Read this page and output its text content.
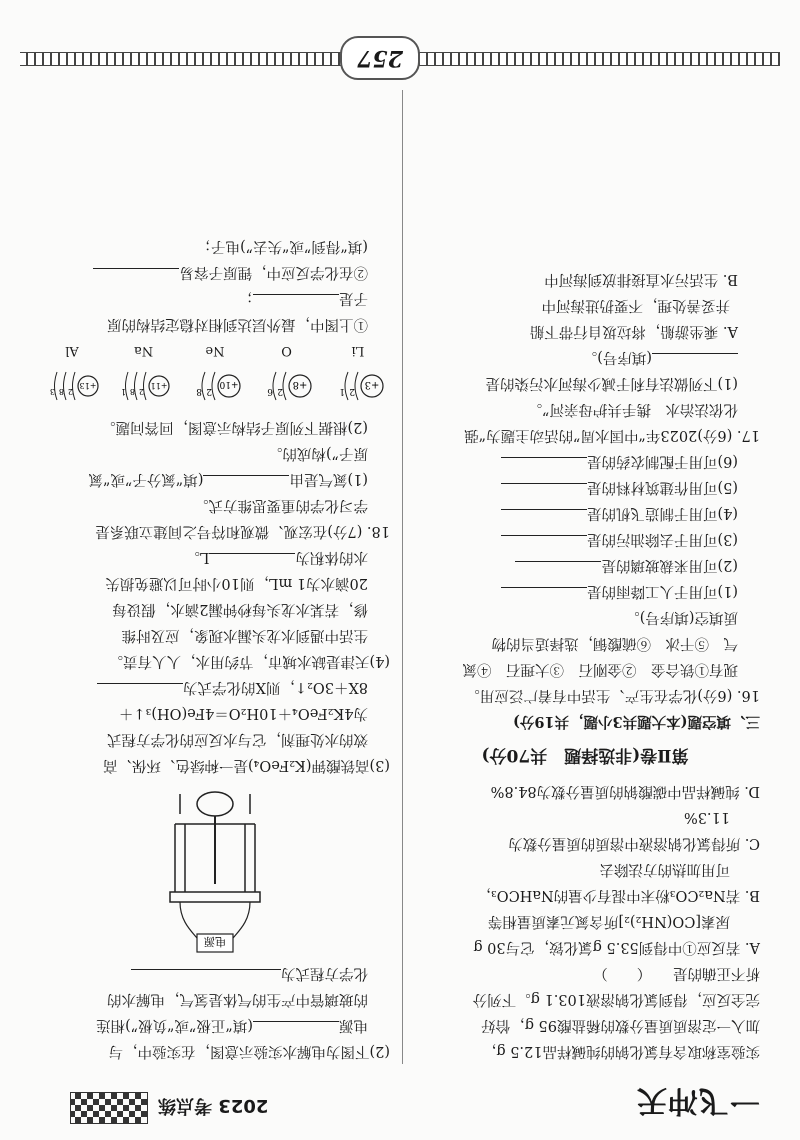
一飞冲天
2023 考点练

实验室称取含有氯化钠的纯碱样品12.5 g，

加入一定溶质质量分数的稀盐酸95 g，恰好

完全反应，得到氯化钠溶液103.1 g。下列分

析不正确的是　　（　　）

A. 若反应①中得到53.5 g氯化铵，它与30 g

尿素[CO(NH₂)₂]所含氮元素质量相等

B. 若Na₂CO₃粉末中混有少量的NaHCO₃，

可用加热的方法除去

C. 所得氯化钠溶液中溶质的质量分数为

11.3%

D. 纯碱样品中碳酸钠的质量分数为84.8%

第Ⅱ卷(非选择题　共70分)

三、填空题(本大题共3小题，共19分)

16. (6分)化学在生产、生活中有着广泛应用。

现有①铁合金　②金刚石　③大理石　④氮

气　⑤干冰　⑥硫酸铜，选择适当的物

质填空(填序号)。

(1)可用于人工降雨的是

(2)可用来裁玻璃的是

(3)可用于去除油污的是

(4)可用于制造飞机的是

(5)可用作建筑材料的是

(6)可用于配制农药的是

17. (6分)2023年“中国水周”的活动主题为“强

化依法治水　携手共护母亲河”。

(1)下列做法有利于减少海河水污染的是

(填序号)。

A. 乘坐游船，将垃圾自行带下船

并妥善处理，不要扔进海河中

B. 生活污水直接排放到海河中

(2)下图为电解水实验示意图，在实验中，与

电源(填“正极”或“负极”)相连

的玻璃管中产生的气体是氢气，电解水的

化学方程式为

电源

(3)高铁酸钾(K₂FeO₄)是一种绿色、环保、高

效的水处理剂，它与水反应的化学方程式

为4K₂FeO₄＋10H₂O＝4Fe(OH)₃↓＋

8X＋3O₂↑，则X的化学式为

(4)天津是缺水城市，节约用水，人人有责。

生活中遇到水龙头漏水现象，应及时维

修，若某水龙头每秒钟漏2滴水，假设每

20滴水为1 mL，则10小时可以避免损失

水的体积为L。

18. (7分)在宏观、微观和符号之间建立联系是

学习化学的重要思维方式。

(1)氮气是由(填“氮分子”或“氮

原子”)构成的。

(2)根据下列原子结构示意图，回答问题。

+3
2
1
Li
+8
2
6
O
+10
2
8
Ne
+11
2
8
1
Na
+13
2
8
3
Al

①上图中，最外层达到相对稳定结构的原

子是；

②在化学反应中，锂原子容易

(填“得到”或“失去”)电子；

257
